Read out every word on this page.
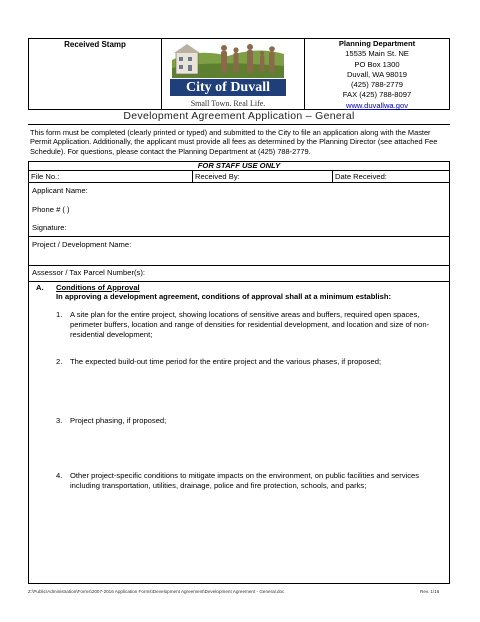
Received Stamp
City of Duvall
Small Town. Real Life.
Planning Department
15535 Main St. NE
PO Box 1300
Duvall, WA 98019
(425) 788-2779
FAX (425) 788-8097
www.duvallwa.gov
Development Agreement Application – General
This form must be completed (clearly printed or typed) and submitted to the City to file an application along with the Master Permit Application. Additionally, the applicant must provide all fees as determined by the Planning Director (see attached Fee Schedule). For questions, please contact the Planning Department at (425) 788-2779.
FOR STAFF USE ONLY
File No.:	Received By:	Date Received:
Applicant Name:
Phone # ( )
Signature:
Project / Development Name:
Assessor / Tax Parcel Number(s):
A. Conditions of Approval
In approving a development agreement, conditions of approval shall at a minimum establish:
1. A site plan for the entire project, showing locations of sensitive areas and buffers, required open spaces, perimeter buffers, location and range of densities for residential development, and location and size of non-residential development;
2. The expected build-out time period for the entire project and the various phases, if proposed;
3. Project phasing, if proposed;
4. Other project-specific conditions to mitigate impacts on the environment, on public facilities and services including transportation, utilities, drainage, police and fire protection, schools, and parks;
Z:\Public\Administration\Forms\2007-2016 Application Forms\Development Agreement\Development Agreement - General.doc	Rev. 1/16
